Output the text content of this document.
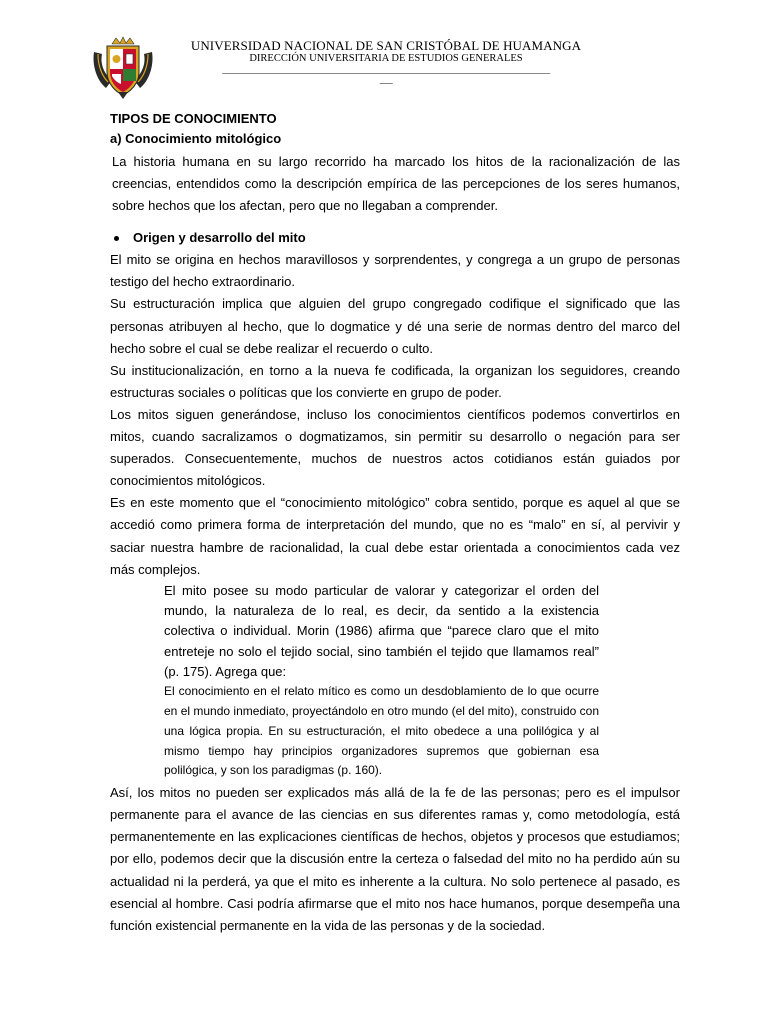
UNIVERSIDAD NACIONAL DE SAN CRISTÓBAL DE HUAMANGA
DIRECCIÓN UNIVERSITARIA DE ESTUDIOS GENERALES
______________________________________________________________________________
___
TIPOS DE CONOCIMIENTO
a) Conocimiento mitológico

La historia humana en su largo recorrido ha marcado los hitos de la racionalización de las creencias, entendidos como la descripción empírica de las percepciones de los seres humanos, sobre hechos que los afectan, pero que no llegaban a comprender.

Origen y desarrollo del mito

El mito se origina en hechos maravillosos y sorprendentes, y congrega a un grupo de personas testigo del hecho extraordinario.

Su estructuración implica que alguien del grupo congregado codifique el significado que las personas atribuyen al hecho, que lo dogmatice y dé una serie de normas dentro del marco del hecho sobre el cual se debe realizar el recuerdo o culto.

Su institucionalización, en torno a la nueva fe codificada, la organizan los seguidores, creando estructuras sociales o políticas que los convierte en grupo de poder.

Los mitos siguen generándose, incluso los conocimientos científicos podemos convertirlos en mitos, cuando sacralizamos o dogmatizamos, sin permitir su desarrollo o negación para ser superados. Consecuentemente, muchos de nuestros actos cotidianos están guiados por conocimientos mitológicos.

Es en este momento que el “conocimiento mitológico” cobra sentido, porque es aquel al que se accedió como primera forma de interpretación del mundo, que no es “malo” en sí, al pervivir y saciar nuestra hambre de racionalidad, la cual debe estar orientada a conocimientos cada vez más complejos.

El mito posee su modo particular de valorar y categorizar el orden del mundo, la naturaleza de lo real, es decir, da sentido a la existencia colectiva o individual. Morin (1986) afirma que “parece claro que el mito entreteje no solo el tejido social, sino también el tejido que llamamos real” (p. 175). Agrega que:

El conocimiento en el relato mítico es como un desdoblamiento de lo que ocurre en el mundo inmediato, proyectándolo en otro mundo (el del mito), construido con una lógica propia. En su estructuración, el mito obedece a una polilógica y al mismo tiempo hay principios organizadores supremos que gobiernan esa polilógica, y son los paradigmas (p. 160).

Así, los mitos no pueden ser explicados más allá de la fe de las personas; pero es el impulsor permanente para el avance de las ciencias en sus diferentes ramas y, como metodología, está permanentemente en las explicaciones científicas de hechos, objetos y procesos que estudiamos; por ello, podemos decir que la discusión entre la certeza o falsedad del mito no ha perdido aún su actualidad ni la perderá, ya que el mito es inherente a la cultura. No solo pertenece al pasado, es esencial al hombre. Casi podría afirmarse que el mito nos hace humanos, porque desempeña una función existencial permanente en la vida de las personas y de la sociedad.
